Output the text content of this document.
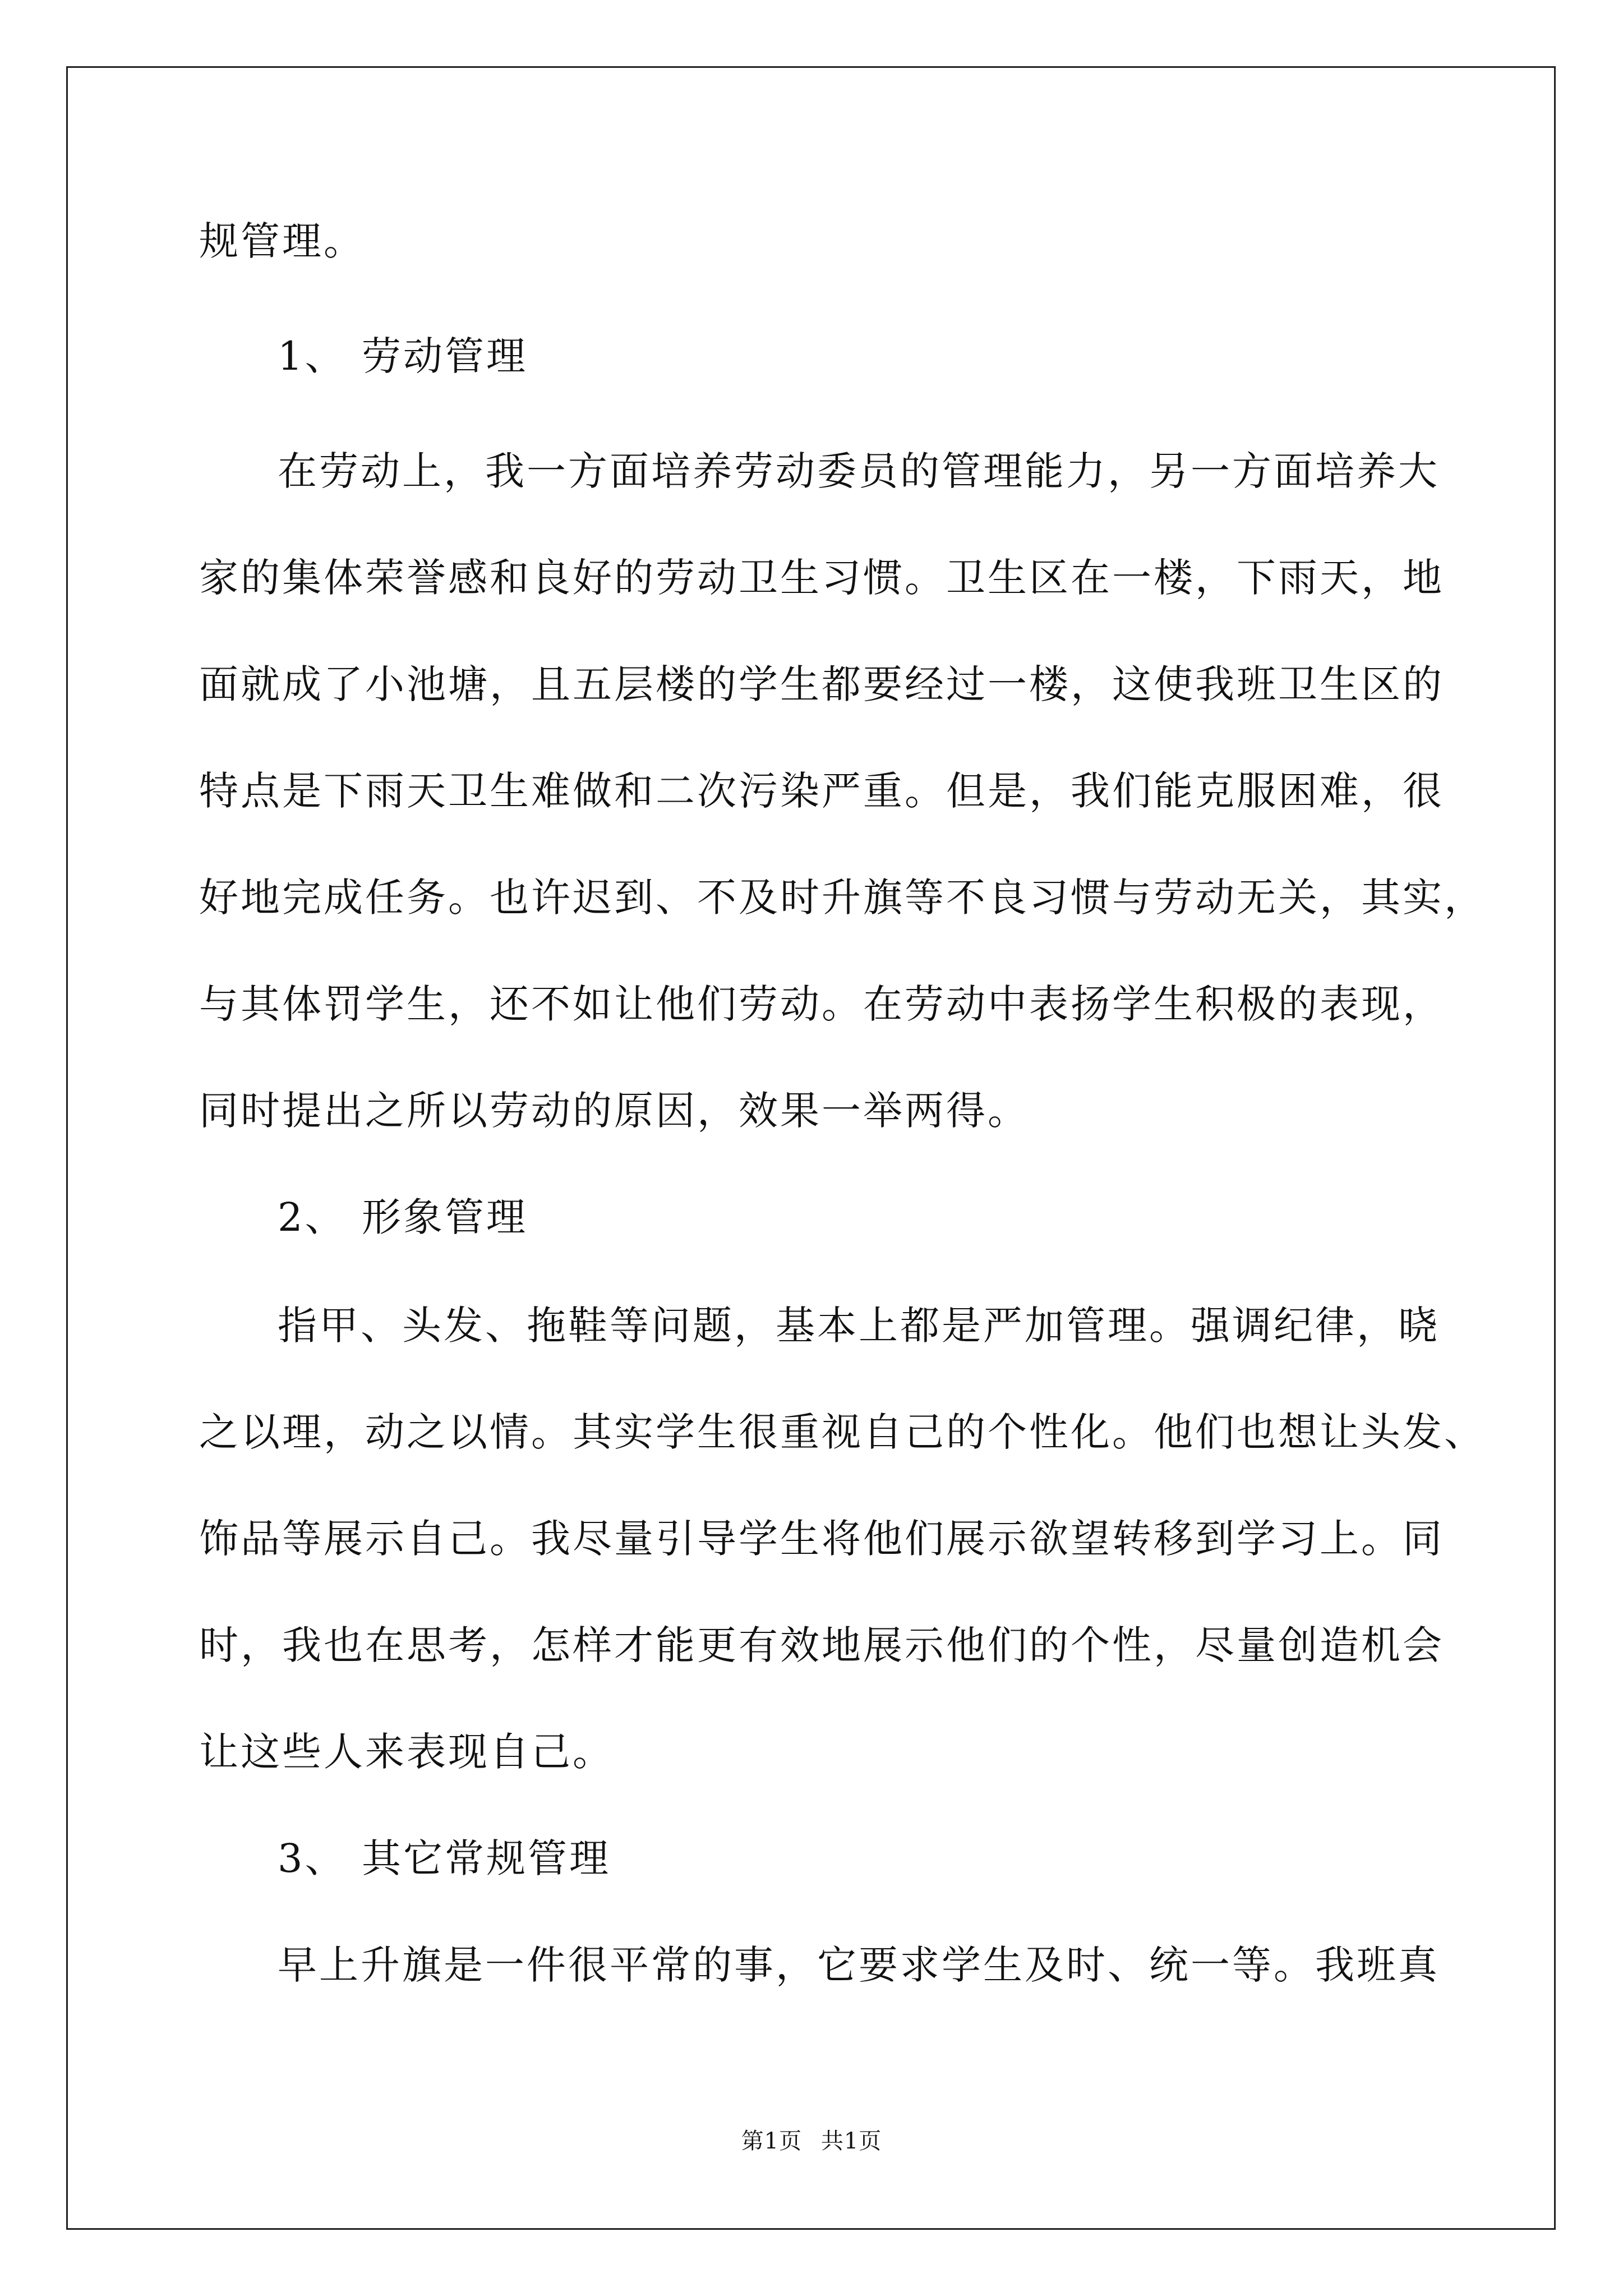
规管理。
1、 劳动管理
在劳动上，我一方面培养劳动委员的管理能力，另一方面培养大
家的集体荣誉感和良好的劳动卫生习惯。卫生区在一楼，下雨天，地
面就成了小池塘，且五层楼的学生都要经过一楼，这使我班卫生区的
特点是下雨天卫生难做和二次污染严重。但是，我们能克服困难，很
好地完成任务。也许迟到、不及时升旗等不良习惯与劳动无关，其实，
与其体罚学生，还不如让他们劳动。在劳动中表扬学生积极的表现，
同时提出之所以劳动的原因，效果一举两得。
2、 形象管理
指甲、头发、拖鞋等问题，基本上都是严加管理。强调纪律，晓
之以理，动之以情。其实学生很重视自己的个性化。他们也想让头发、
饰品等展示自己。我尽量引导学生将他们展示欲望转移到学习上。同
时，我也在思考，怎样才能更有效地展示他们的个性，尽量创造机会
让这些人来表现自己。
3、 其它常规管理
早上升旗是一件很平常的事，它要求学生及时、统一等。我班真
第1页 共1页
